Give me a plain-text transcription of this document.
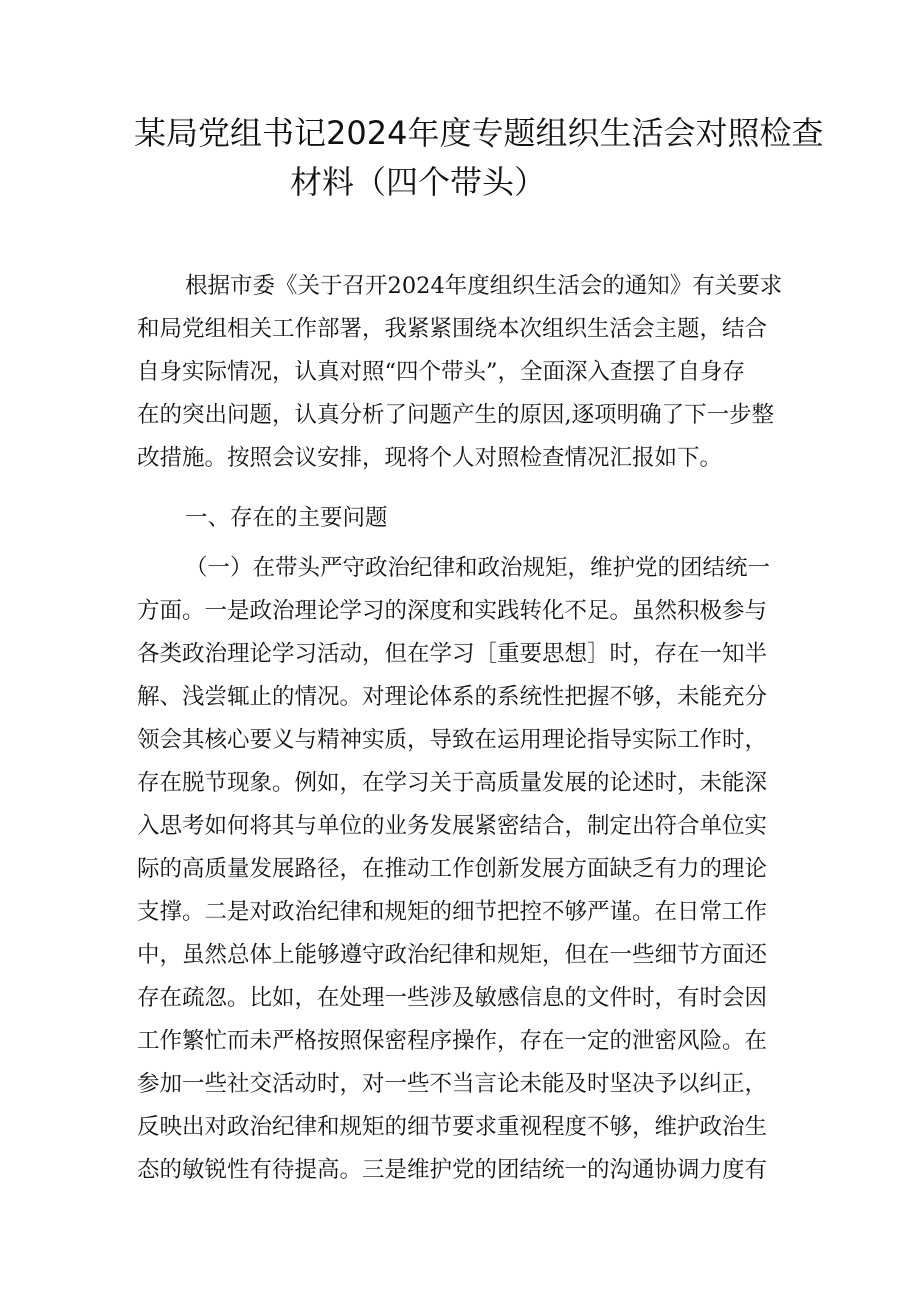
某局党组书记2024年度专题组织生活会对照检查
材料（四个带头）
根据市委《关于召开2024年度组织生活会的通知》有关要求
和局党组相关工作部署，我紧紧围绕本次组织生活会主题，结合
自身实际情况，认真对照“四个带头”，全面深入查摆了自身存
在的突出问题，认真分析了问题产生的原因,逐项明确了下一步整
改措施。按照会议安排，现将个人对照检查情况汇报如下。
一、存在的主要问题
（一）在带头严守政治纪律和政治规矩，维护党的团结统一
方面。一是政治理论学习的深度和实践转化不足。虽然积极参与
各类政治理论学习活动，但在学习［重要思想］时，存在一知半
解、浅尝辄止的情况。对理论体系的系统性把握不够，未能充分
领会其核心要义与精神实质，导致在运用理论指导实际工作时，
存在脱节现象。例如，在学习关于高质量发展的论述时，未能深
入思考如何将其与单位的业务发展紧密结合，制定出符合单位实
际的高质量发展路径，在推动工作创新发展方面缺乏有力的理论
支撑。二是对政治纪律和规矩的细节把控不够严谨。在日常工作
中，虽然总体上能够遵守政治纪律和规矩，但在一些细节方面还
存在疏忽。比如，在处理一些涉及敏感信息的文件时，有时会因
工作繁忙而未严格按照保密程序操作，存在一定的泄密风险。在
参加一些社交活动时，对一些不当言论未能及时坚决予以纠正，
反映出对政治纪律和规矩的细节要求重视程度不够，维护政治生
态的敏锐性有待提高。三是维护党的团结统一的沟通协调力度有
